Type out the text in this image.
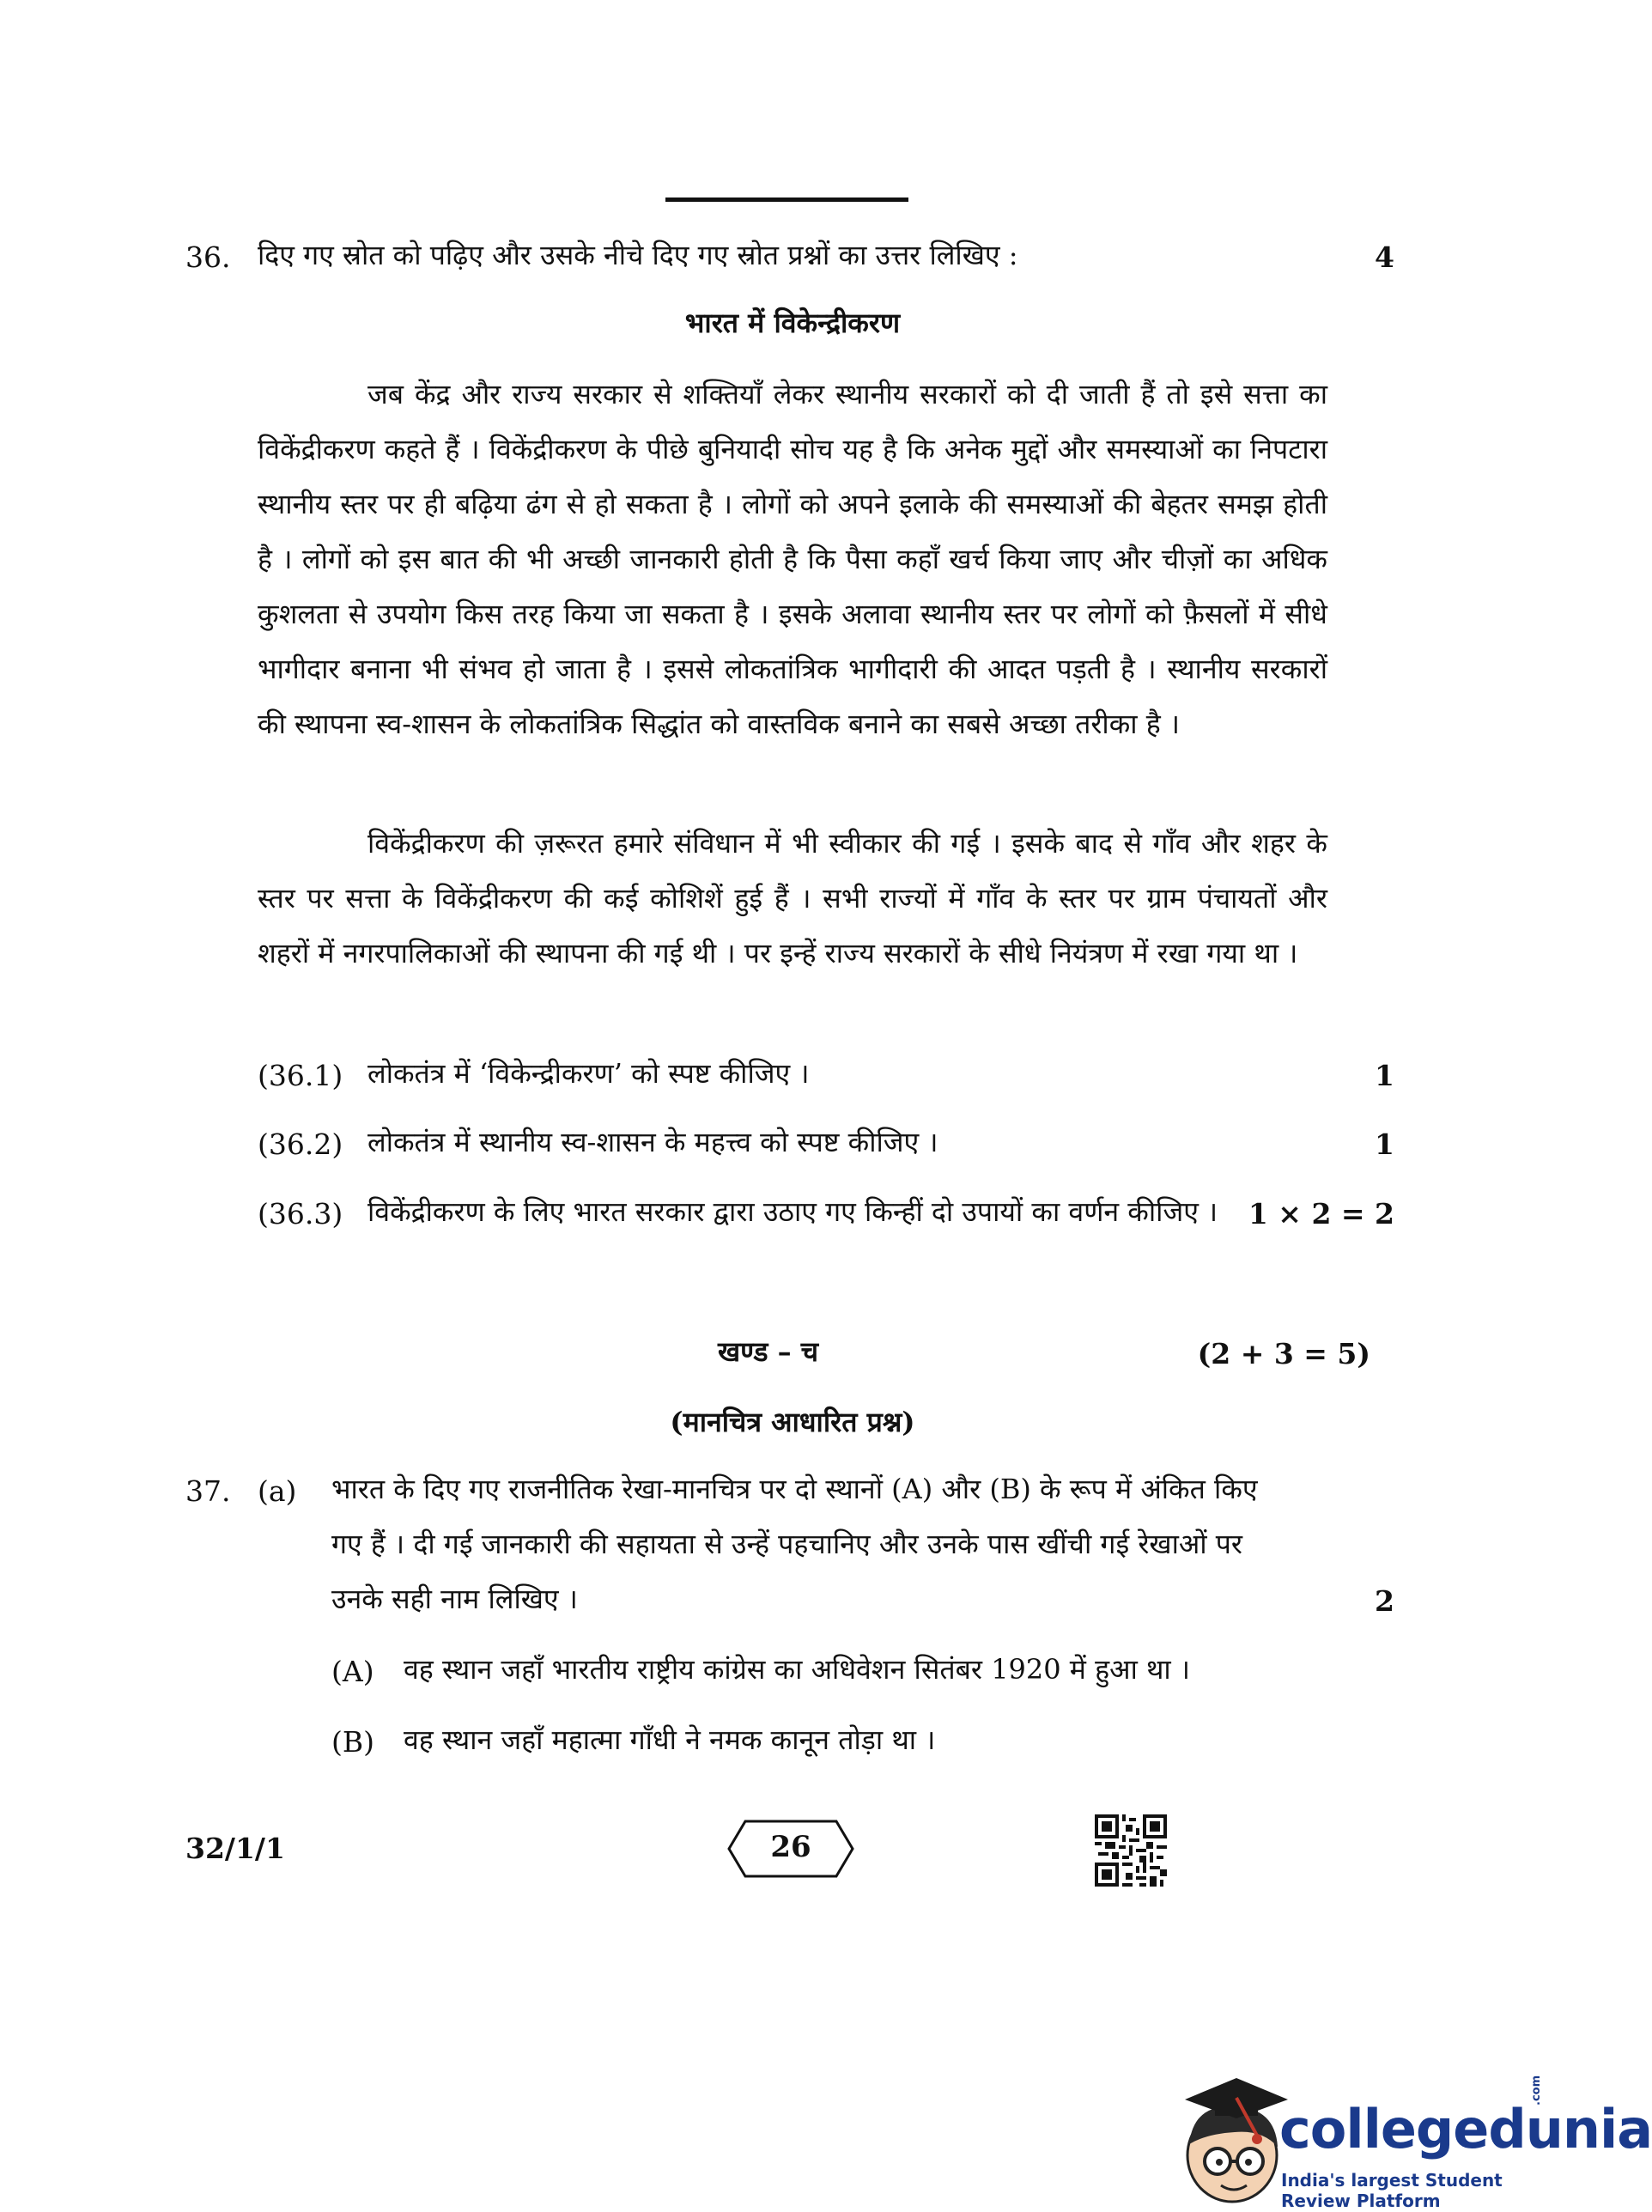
36. दिए गए स्रोत को पढ़िए और उसके नीचे दिए गए स्रोत प्रश्नों का उत्तर लिखिए :	4
भारत में विकेन्द्रीकरण
जब केंद्र और राज्य सरकार से शक्तियाँ लेकर स्थानीय सरकारों को दी जाती हैं तो इसे सत्ता का विकेंद्रीकरण कहते हैं । विकेंद्रीकरण के पीछे बुनियादी सोच यह है कि अनेक मुद्दों और समस्याओं का निपटारा स्थानीय स्तर पर ही बढ़िया ढंग से हो सकता है । लोगों को अपने इलाके की समस्याओं की बेहतर समझ होती है । लोगों को इस बात की भी अच्छी जानकारी होती है कि पैसा कहाँ खर्च किया जाए और चीज़ों का अधिक कुशलता से उपयोग किस तरह किया जा सकता है । इसके अलावा स्थानीय स्तर पर लोगों को फ़ैसलों में सीधे भागीदार बनाना भी संभव हो जाता है । इससे लोकतांत्रिक भागीदारी की आदत पड़ती है । स्थानीय सरकारों की स्थापना स्व-शासन के लोकतांत्रिक सिद्धांत को वास्तविक बनाने का सबसे अच्छा तरीका है ।
विकेंद्रीकरण की ज़रूरत हमारे संविधान में भी स्वीकार की गई । इसके बाद से गाँव और शहर के स्तर पर सत्ता के विकेंद्रीकरण की कई कोशिशें हुई हैं । सभी राज्यों में गाँव के स्तर पर ग्राम पंचायतों और शहरों में नगरपालिकाओं की स्थापना की गई थी । पर इन्हें राज्य सरकारों के सीधे नियंत्रण में रखा गया था ।
(36.1) लोकतंत्र में ‘विकेन्द्रीकरण’ को स्पष्ट कीजिए ।	1
(36.2) लोकतंत्र में स्थानीय स्व-शासन के महत्त्व को स्पष्ट कीजिए ।	1
(36.3) विकेंद्रीकरण के लिए भारत सरकार द्वारा उठाए गए किन्हीं दो उपायों का वर्णन कीजिए ।	1 × 2 = 2
खण्ड – च	(2 + 3 = 5)
(मानचित्र आधारित प्रश्न)
37. (a) भारत के दिए गए राजनीतिक रेखा-मानचित्र पर दो स्थानों (A) और (B) के रूप में अंकित किए
गए हैं । दी गई जानकारी की सहायता से उन्हें पहचानिए और उनके पास खींची गई रेखाओं पर
उनके सही नाम लिखिए ।	2
(A) वह स्थान जहाँ भारतीय राष्ट्रीय कांग्रेस का अधिवेशन सितंबर 1920 में हुआ था ।
(B) वह स्थान जहाँ महात्मा गाँधी ने नमक कानून तोड़ा था ।
32/1/1	26
collegedunia
.com
India's largest Student Review Platform
